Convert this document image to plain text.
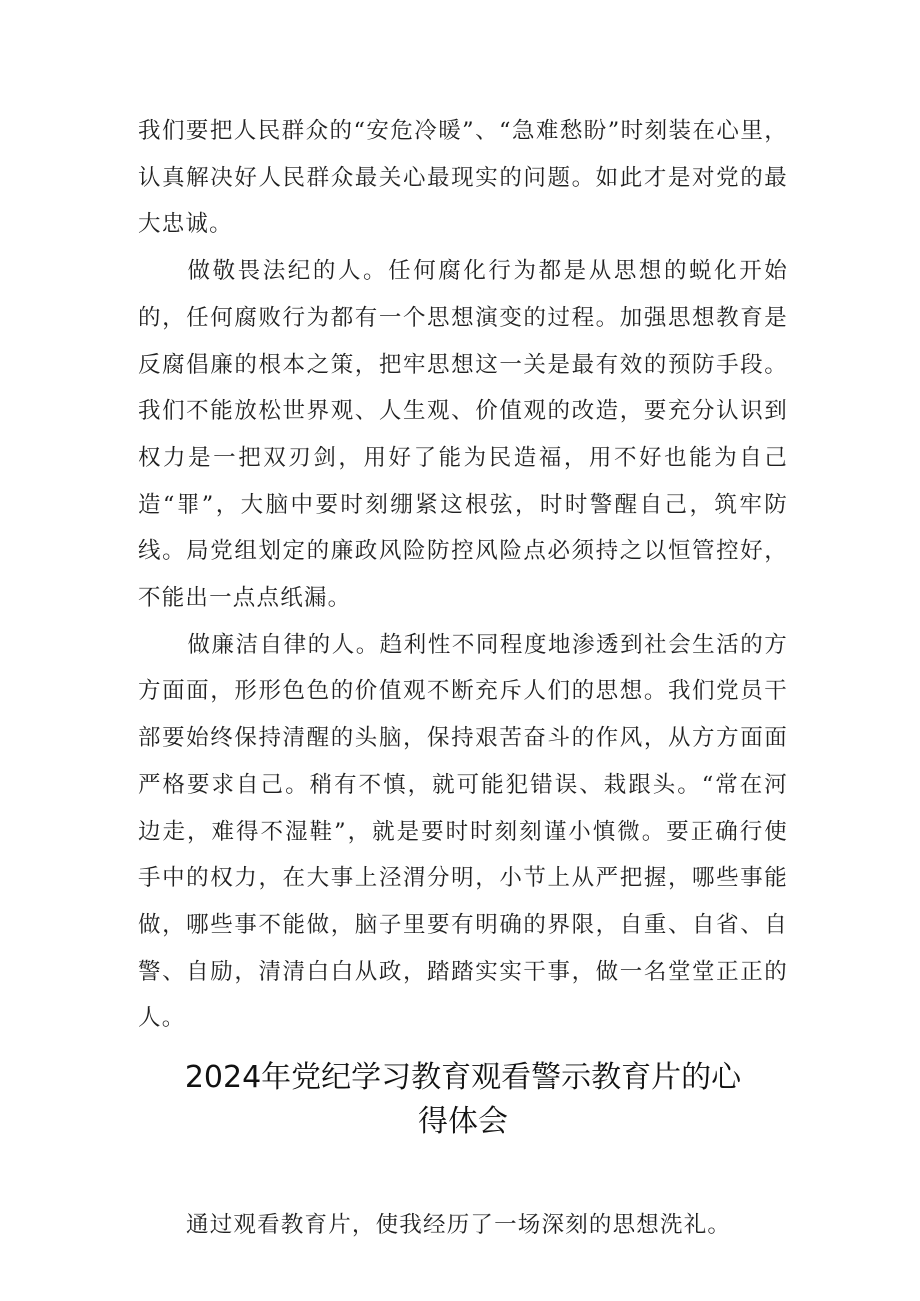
我们要把人民群众的“安危冷暖”、“急难愁盼”时刻装在心里，认真解决好人民群众最关心最现实的问题。如此才是对党的最大忠诚。

做敬畏法纪的人。任何腐化行为都是从思想的蜕化开始的，任何腐败行为都有一个思想演变的过程。加强思想教育是反腐倡廉的根本之策，把牢思想这一关是最有效的预防手段。我们不能放松世界观、人生观、价值观的改造，要充分认识到权力是一把双刃剑，用好了能为民造福，用不好也能为自己造“罪”，大脑中要时刻绷紧这根弦，时时警醒自己，筑牢防线。局党组划定的廉政风险防控风险点必须持之以恒管控好，不能出一点点纸漏。

做廉洁自律的人。趋利性不同程度地渗透到社会生活的方方面面，形形色色的价值观不断充斥人们的思想。我们党员干部要始终保持清醒的头脑，保持艰苦奋斗的作风，从方方面面严格要求自己。稍有不慎，就可能犯错误、栽跟头。“常在河边走，难得不湿鞋”，就是要时时刻刻谨小慎微。要正确行使手中的权力，在大事上泾渭分明，小节上从严把握，哪些事能做，哪些事不能做，脑子里要有明确的界限，自重、自省、自警、自励，清清白白从政，踏踏实实干事，做一名堂堂正正的人。

2024年党纪学习教育观看警示教育片的心
得体会

通过观看教育片，使我经历了一场深刻的思想洗礼。
